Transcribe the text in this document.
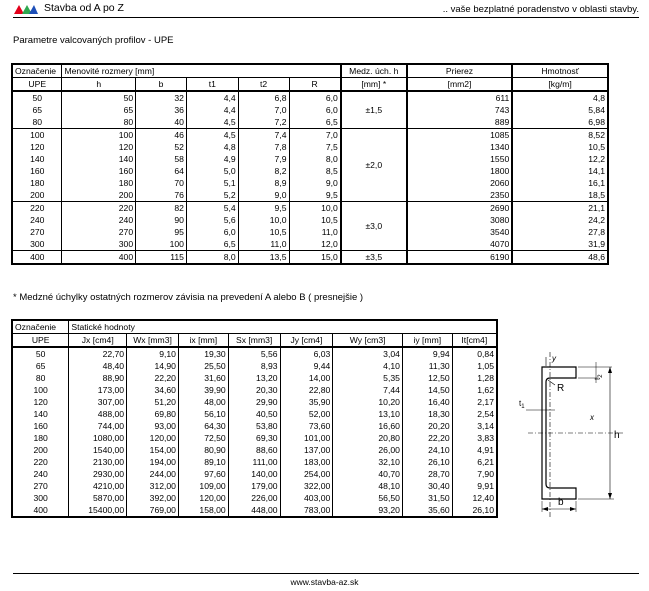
Stavba od A po Z	.. vaše bezplatné poradenstvo v oblasti stavby.
Parametre valcovaných profilov - UPE
Označenie	Menovité rozmery [mm]					Medz. úch. h	Prierez	Hmotnosť
UPE	h	b	t1	t2	R	[mm] *	[mm2]	[kg/m]
50	50	32	4,4	6,8	6,0	±1,5	611	4,8
65	65	36	4,4	7,0	6,0		743	5,84
80	80	40	4,5	7,2	6,5		889	6,98
100	100	46	4,5	7,4	7,0	±2,0	1085	8,52
120	120	52	4,8	7,8	7,5		1340	10,5
140	140	58	4,9	7,9	8,0		1550	12,2
160	160	64	5,0	8,2	8,5		1800	14,1
180	180	70	5,1	8,9	9,0		2060	16,1
200	200	76	5,2	9,0	9,5		2350	18,5
220	220	82	5,4	9,5	10,0	±3,0	2690	21,1
240	240	90	5,6	10,0	10,5		3080	24,2
270	270	95	6,0	10,5	11,0		3540	27,8
300	300	100	6,5	11,0	12,0		4070	31,9
400	400	115	8,0	13,5	15,0	±3,5	6190	48,6
* Medzné úchylky ostatných rozmerov závisia na prevedení A alebo B ( presnejšie )
Označenie	Statické hodnoty							
UPE	Jx [cm4]	Wx [mm3]	ix [mm]	Sx [mm3]	Jy [cm4]	Wy [cm3]	iy [mm]	It[cm4]
50	22,70	9,10	19,30	5,56	6,03	3,04	9,94	0,84
65	48,40	14,90	25,50	8,93	9,44	4,10	11,30	1,05
80	88,90	22,20	31,60	13,20	14,00	5,35	12,50	1,28
100	173,00	34,60	39,90	20,30	22,80	7,44	14,50	1,62
120	307,00	51,20	48,00	29,90	35,90	10,20	16,40	2,17
140	488,00	69,80	56,10	40,50	52,00	13,10	18,30	2,54
160	744,00	93,00	64,30	53,80	73,60	16,60	20,20	3,14
180	1080,00	120,00	72,50	69,30	101,00	20,80	22,20	3,83
200	1540,00	154,00	80,90	88,60	137,00	26,00	24,10	4,91
220	2130,00	194,00	89,10	111,00	183,00	32,10	26,10	6,21
240	2930,00	244,00	97,60	140,00	254,00	40,70	28,70	7,90
270	4210,00	312,00	109,00	179,00	322,00	48,10	30,40	9,91
300	5870,00	392,00	120,00	226,00	403,00	56,50	31,50	12,40
400	15400,00	769,00	158,00	448,00	783,00	93,20	35,60	26,10
y
x
R
$t_2$
$t_1$
h
b
www.stavba-az.sk
